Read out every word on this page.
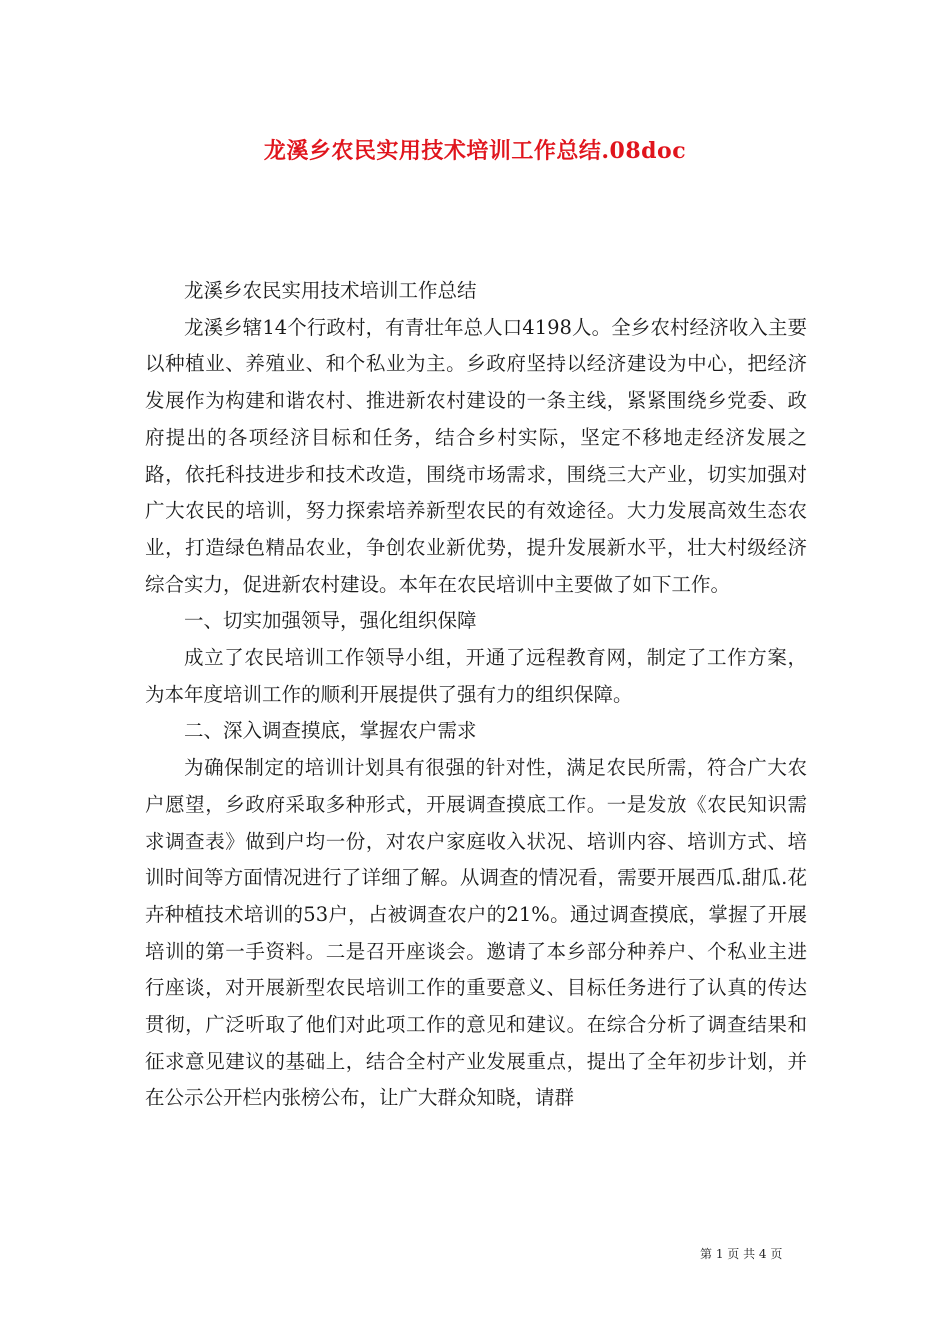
龙溪乡农民实用技术培训工作总结.08doc

龙溪乡农民实用技术培训工作总结

龙溪乡辖14个行政村，有青壮年总人口4198人。全乡农村经济收入主要以种植业、养殖业、和个私业为主。乡政府坚持以经济建设为中心，把经济发展作为构建和谐农村、推进新农村建设的一条主线，紧紧围绕乡党委、政府提出的各项经济目标和任务，结合乡村实际，坚定不移地走经济发展之路，依托科技进步和技术改造，围绕市场需求，围绕三大产业，切实加强对广大农民的培训，努力探索培养新型农民的有效途径。大力发展高效生态农业，打造绿色精品农业，争创农业新优势，提升发展新水平，壮大村级经济综合实力，促进新农村建设。本年在农民培训中主要做了如下工作。

一、切实加强领导，强化组织保障

成立了农民培训工作领导小组，开通了远程教育网，制定了工作方案，为本年度培训工作的顺利开展提供了强有力的组织保障。

二、深入调查摸底，掌握农户需求

为确保制定的培训计划具有很强的针对性，满足农民所需，符合广大农户愿望，乡政府采取多种形式，开展调查摸底工作。一是发放《农民知识需求调查表》做到户均一份，对农户家庭收入状况、培训内容、培训方式、培训时间等方面情况进行了详细了解。从调查的情况看，需要开展西瓜.甜瓜.花卉种植技术培训的53户，占被调查农户的21%。通过调查摸底，掌握了开展培训的第一手资料。二是召开座谈会。邀请了本乡部分种养户、个私业主进行座谈，对开展新型农民培训工作的重要意义、目标任务进行了认真的传达贯彻，广泛听取了他们对此项工作的意见和建议。在综合分析了调查结果和征求意见建议的基础上，结合全村产业发展重点，提出了全年初步计划，并在公示公开栏内张榜公布，让广大群众知晓，请群

第 1 页 共 4 页
